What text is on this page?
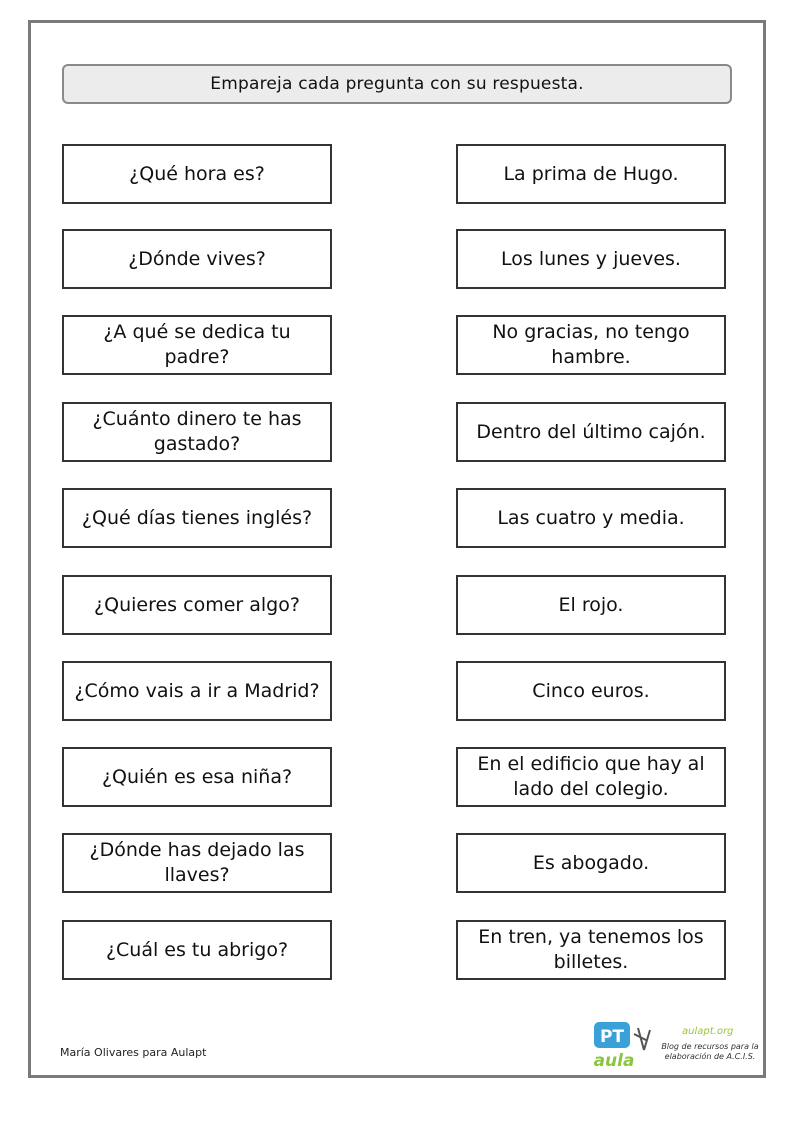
Empareja cada pregunta con su respuesta.
¿Qué hora es?
¿Dónde vives?
¿A qué se dedica tu padre?
¿Cuánto dinero te has gastado?
¿Qué días tienes inglés?
¿Quieres comer algo?
¿Cómo vais a ir a Madrid?
¿Quién es esa niña?
¿Dónde has dejado las llaves?
¿Cuál es tu abrigo?
La prima de Hugo.
Los lunes y jueves.
No gracias, no tengo hambre.
Dentro del último cajón.
Las cuatro y media.
El rojo.
Cinco euros.
En el edificio que hay al lado del colegio.
Es abogado.
En tren, ya tenemos los billetes.
María Olivares para Aulapt
PT
aula
aulapt.org
Blog de recursos para la elaboración de A.C.I.S.
